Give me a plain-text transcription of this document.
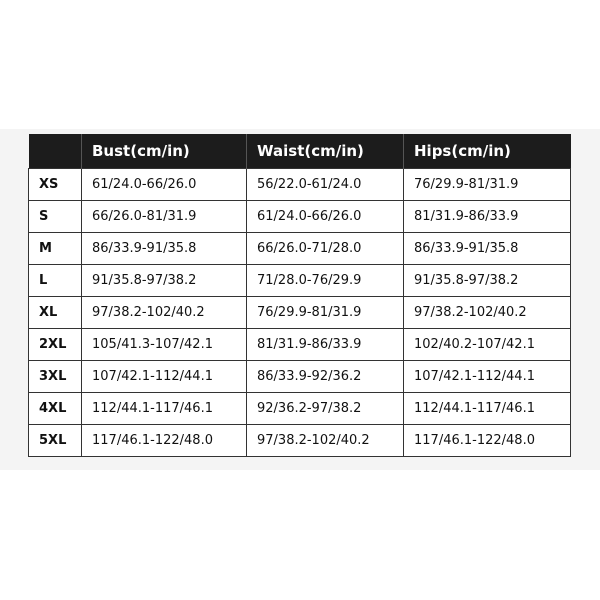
	Bust(cm/in)	Waist(cm/in)	Hips(cm/in)
XS	61/24.0-66/26.0	56/22.0-61/24.0	76/29.9-81/31.9
S	66/26.0-81/31.9	61/24.0-66/26.0	81/31.9-86/33.9
M	86/33.9-91/35.8	66/26.0-71/28.0	86/33.9-91/35.8
L	91/35.8-97/38.2	71/28.0-76/29.9	91/35.8-97/38.2
XL	97/38.2-102/40.2	76/29.9-81/31.9	97/38.2-102/40.2
2XL	105/41.3-107/42.1	81/31.9-86/33.9	102/40.2-107/42.1
3XL	107/42.1-112/44.1	86/33.9-92/36.2	107/42.1-112/44.1
4XL	112/44.1-117/46.1	92/36.2-97/38.2	112/44.1-117/46.1
5XL	117/46.1-122/48.0	97/38.2-102/40.2	117/46.1-122/48.0
